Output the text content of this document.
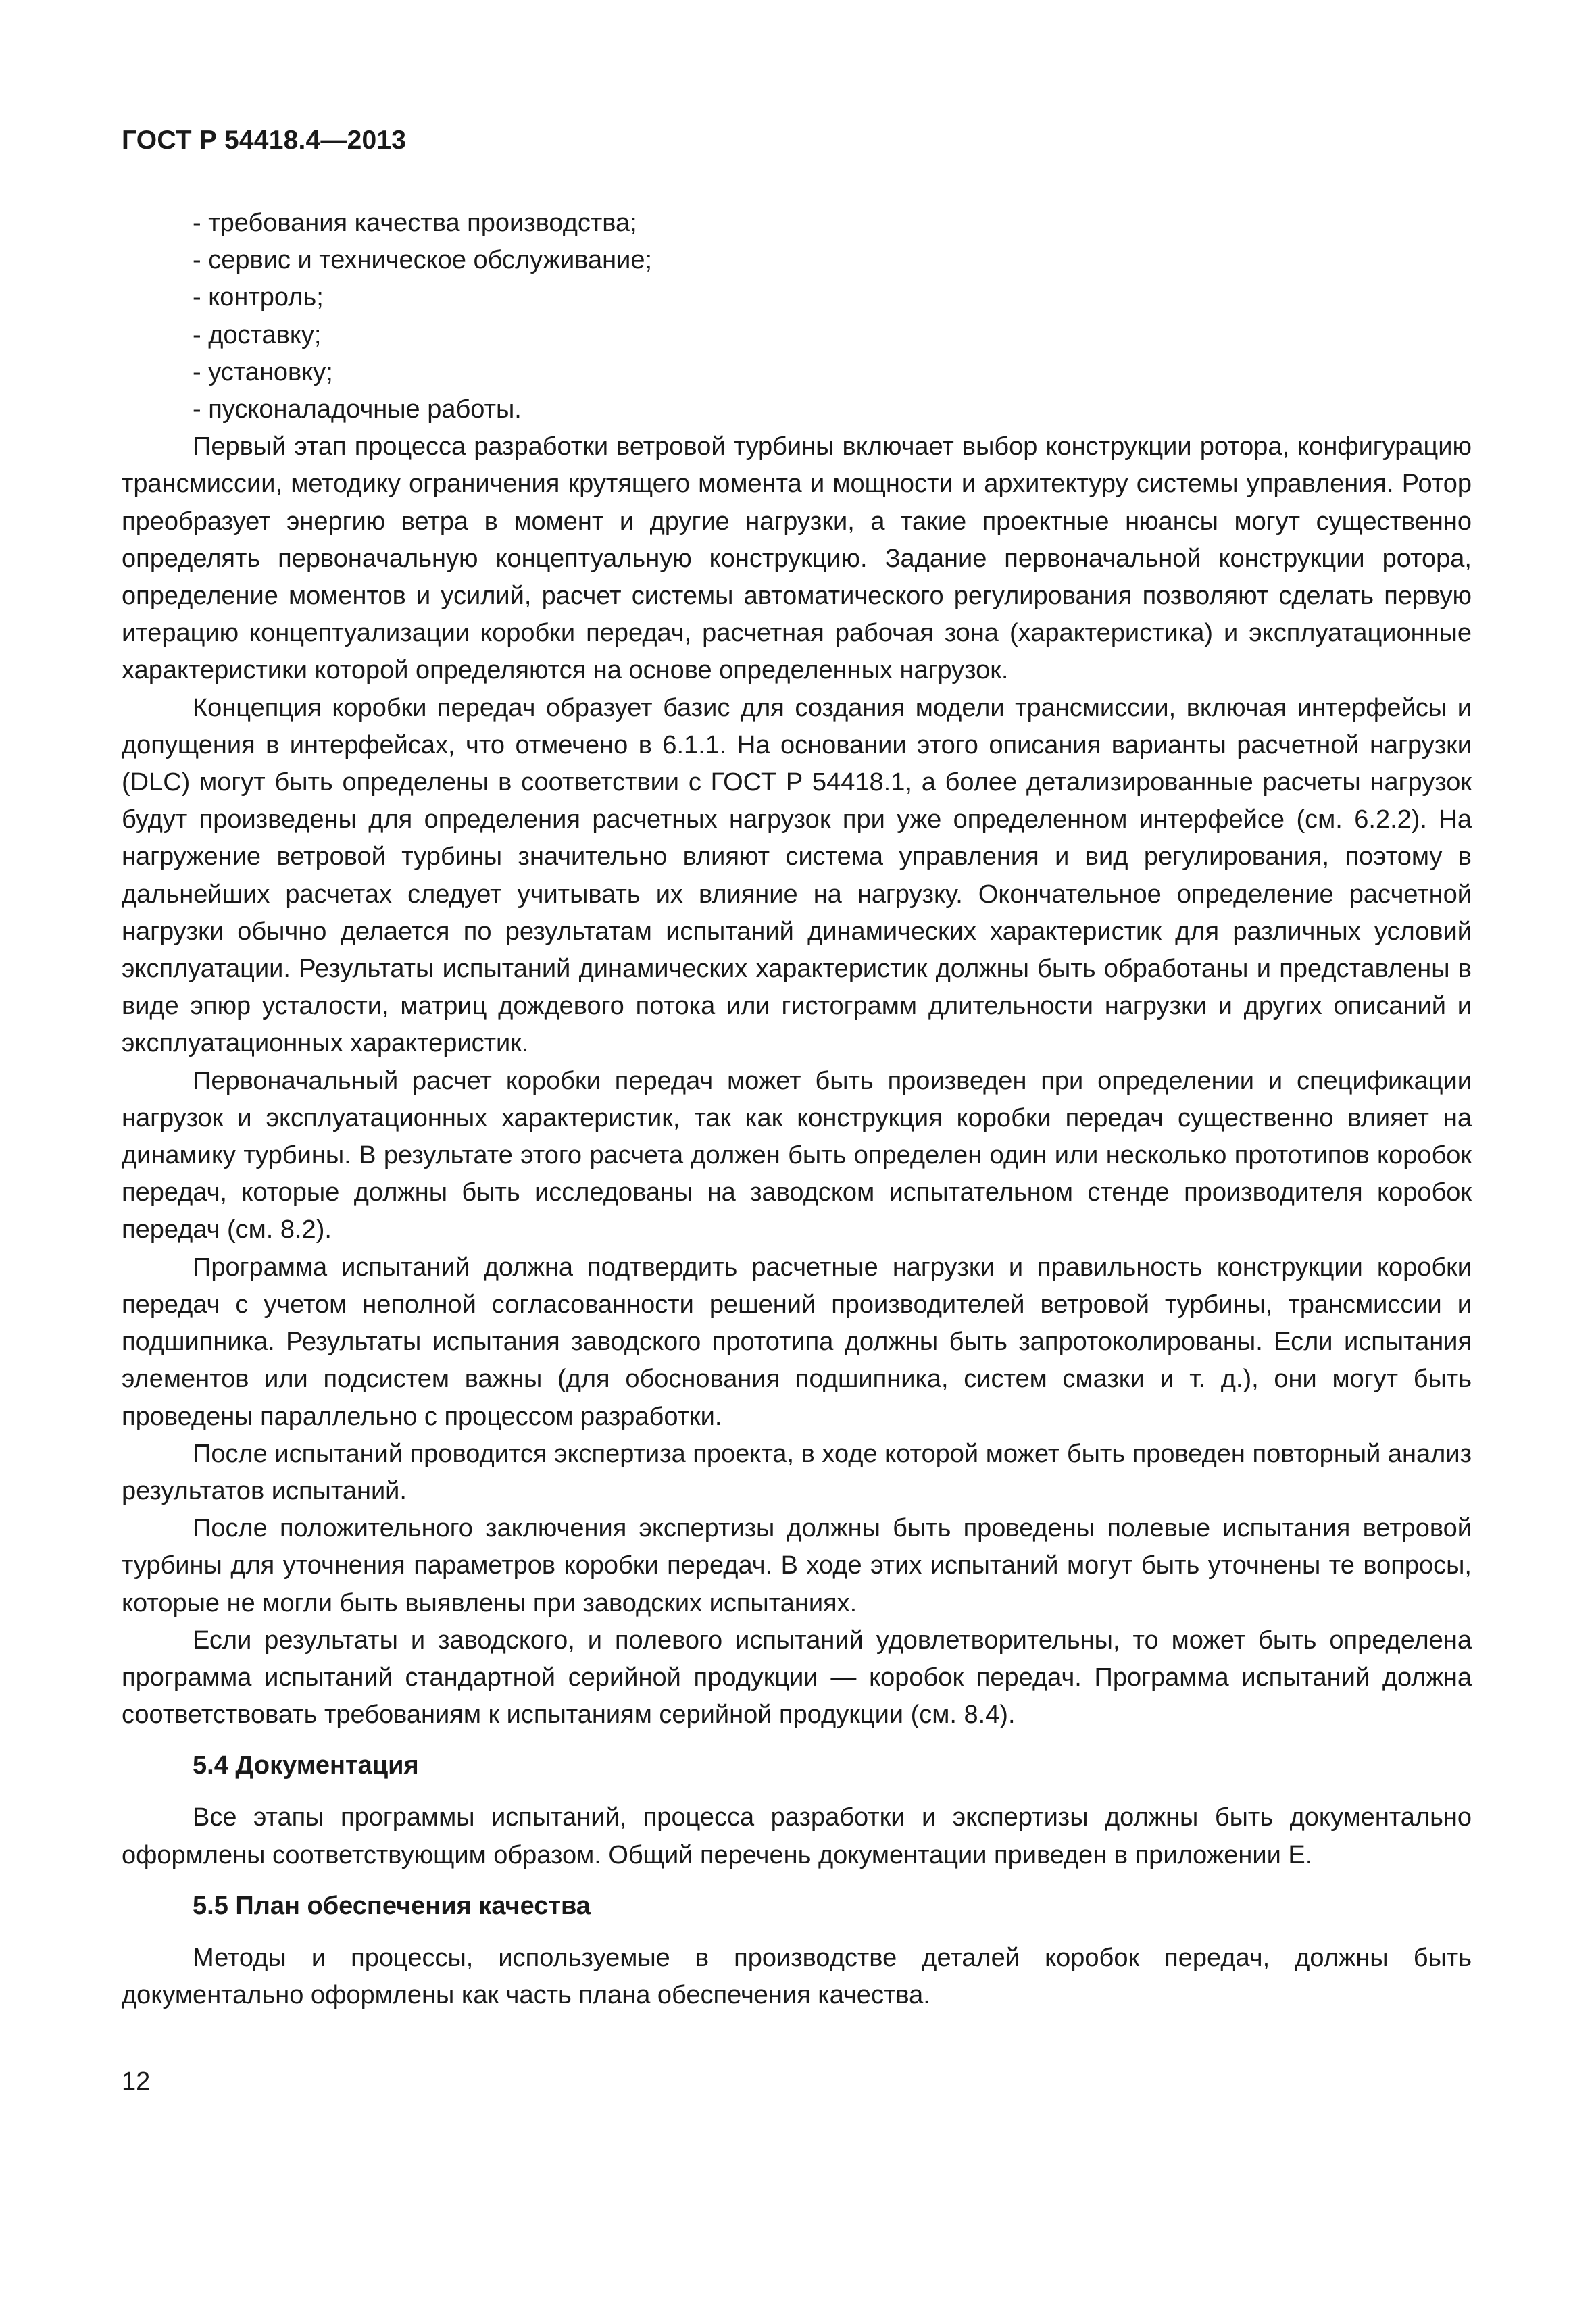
ГОСТ Р 54418.4—2013

- требования качества производства;

- сервис и техническое обслуживание;

- контроль;

- доставку;

- установку;

- пусконаладочные работы.

Первый этап процесса разработки ветровой турбины включает выбор конструкции ротора, конфигурацию трансмиссии, методику ограничения крутящего момента и мощности и архитектуру системы управления. Ротор преобразует энергию ветра в момент и другие нагрузки, а такие проектные нюансы могут существенно определять первоначальную концептуальную конструкцию. Задание первоначальной конструкции ротора, определение моментов и усилий, расчет системы автоматического регулирования позволяют сделать первую итерацию концептуализации коробки передач, расчетная рабочая зона (характеристика) и эксплуатационные характеристики которой определяются на основе определенных нагрузок.

Концепция коробки передач образует базис для создания модели трансмиссии, включая интерфейсы и допущения в интерфейсах, что отмечено в 6.1.1. На основании этого описания варианты расчетной нагрузки (DLC) могут быть определены в соответствии с ГОСТ Р 54418.1, а более детализированные расчеты нагрузок будут произведены для определения расчетных нагрузок при уже определенном интерфейсе (см. 6.2.2). На нагружение ветровой турбины значительно влияют система управления и вид регулирования, поэтому в дальнейших расчетах следует учитывать их влияние на нагрузку. Окончательное определение расчетной нагрузки обычно делается по результатам испытаний динамических характеристик для различных условий эксплуатации. Результаты испытаний динамических характеристик должны быть обработаны и представлены в виде эпюр усталости, матриц дождевого потока или гистограмм длительности нагрузки и других описаний и эксплуатационных характеристик.

Первоначальный расчет коробки передач может быть произведен при определении и спецификации нагрузок и эксплуатационных характеристик, так как конструкция коробки передач существенно влияет на динамику турбины. В результате этого расчета должен быть определен один или несколько прототипов коробок передач, которые должны быть исследованы на заводском испытательном стенде производителя коробок передач (см. 8.2).

Программа испытаний должна подтвердить расчетные нагрузки и правильность конструкции коробки передач с учетом неполной согласованности решений производителей ветровой турбины, трансмиссии и подшипника. Результаты испытания заводского прототипа должны быть запротоколированы. Если испытания элементов или подсистем важны (для обоснования подшипника, систем смазки и т. д.), они могут быть проведены параллельно с процессом разработки.

После испытаний проводится экспертиза проекта, в ходе которой может быть проведен повторный анализ результатов испытаний.

После положительного заключения экспертизы должны быть проведены полевые испытания ветровой турбины для уточнения параметров коробки передач. В ходе этих испытаний могут быть уточнены те вопросы, которые не могли быть выявлены при заводских испытаниях.

Если результаты и заводского, и полевого испытаний удовлетворительны, то может быть определена программа испытаний стандартной серийной продукции — коробок передач. Программа испытаний должна соответствовать требованиям к испытаниям серийной продукции (см. 8.4).

5.4 Документация

Все этапы программы испытаний, процесса разработки и экспертизы должны быть документально оформлены соответствующим образом. Общий перечень документации приведен в приложении Е.

5.5 План обеспечения качества

Методы и процессы, используемые в производстве деталей коробок передач, должны быть документально оформлены как часть плана обеспечения качества.

12
